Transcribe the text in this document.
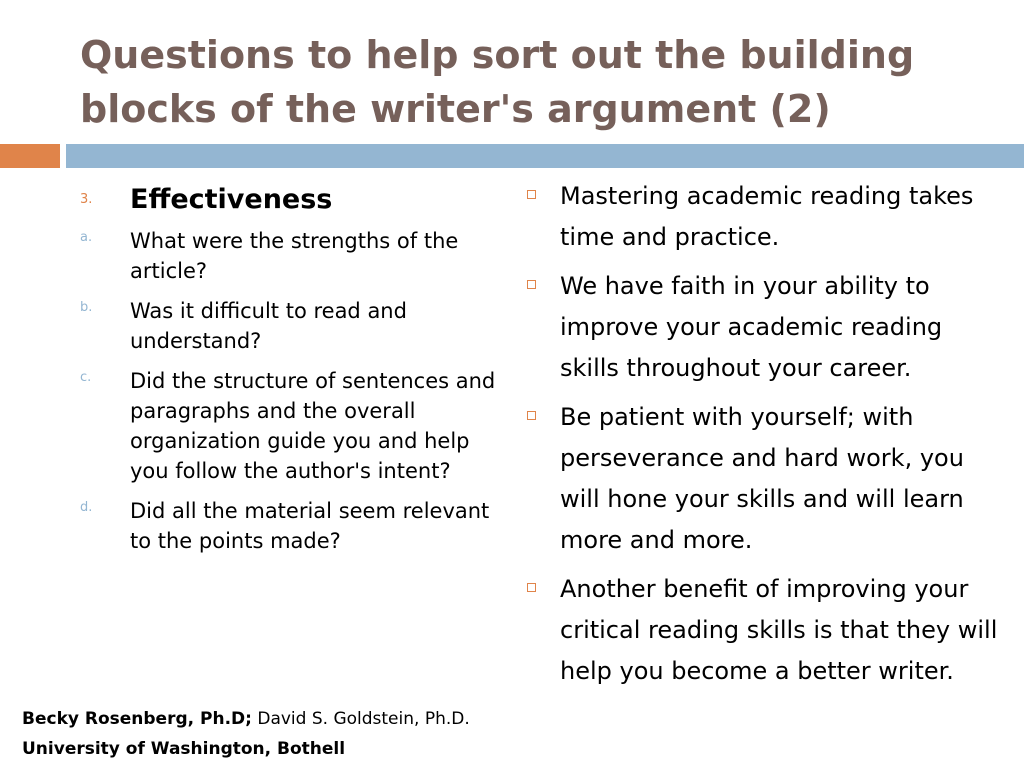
Questions to help sort out the building blocks of the writer's argument (2)
3. Effectiveness
a. What were the strengths of the article?
b. Was it difficult to read and understand?
c. Did the structure of sentences and paragraphs and the overall organization guide you and help you follow the author's intent?
d. Did all the material seem relevant to the points made?
Mastering academic reading takes time and practice.
We have faith in your ability to improve your academic reading skills throughout your career.
Be patient with yourself; with perseverance and hard work, you will hone your skills and will learn more and more.
Another benefit of improving your critical reading skills is that they will help you become a better writer.
Becky Rosenberg, Ph.D; David S. Goldstein, Ph.D. University of Washington, Bothell
